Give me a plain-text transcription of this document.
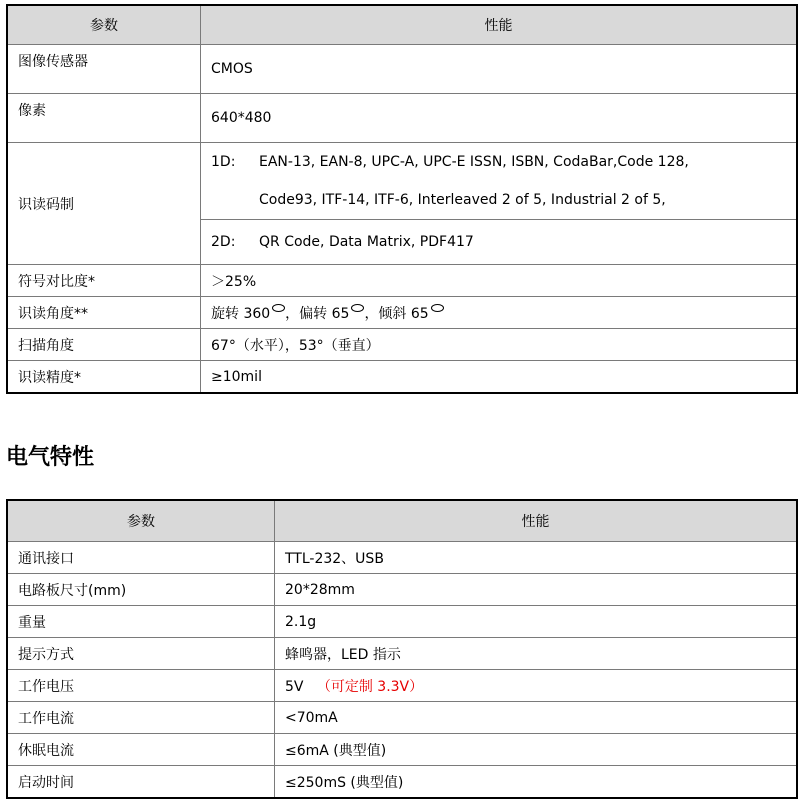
参数	性能
图像传感器	CMOS
像素	640*480
识读码制	1D: EAN-13, EAN-8, UPC-A, UPC-E ISSN, ISBN, CodaBar,Code 128,
Code93, ITF-14, ITF-6, Interleaved 2 of 5, Industrial 2 of 5,

	2D: QR Code, Data Matrix, PDF417
符号对比度*	＞25%
识读角度**	旋转 360 ，偏转 65 ，倾斜 65
扫描角度	67°（水平），53°（垂直）
识读精度*	≥10mil
电气特性
参数	性能
通讯接口	TTL-232、USB
电路板尺寸(mm)	20*28mm
重量	2.1g
提示方式	蜂鸣器，LED 指示
工作电压	5V （可定制 3.3V）
工作电流	<70mA
休眠电流	≤6mA (典型值)
启动时间	≤250mS (典型值)
